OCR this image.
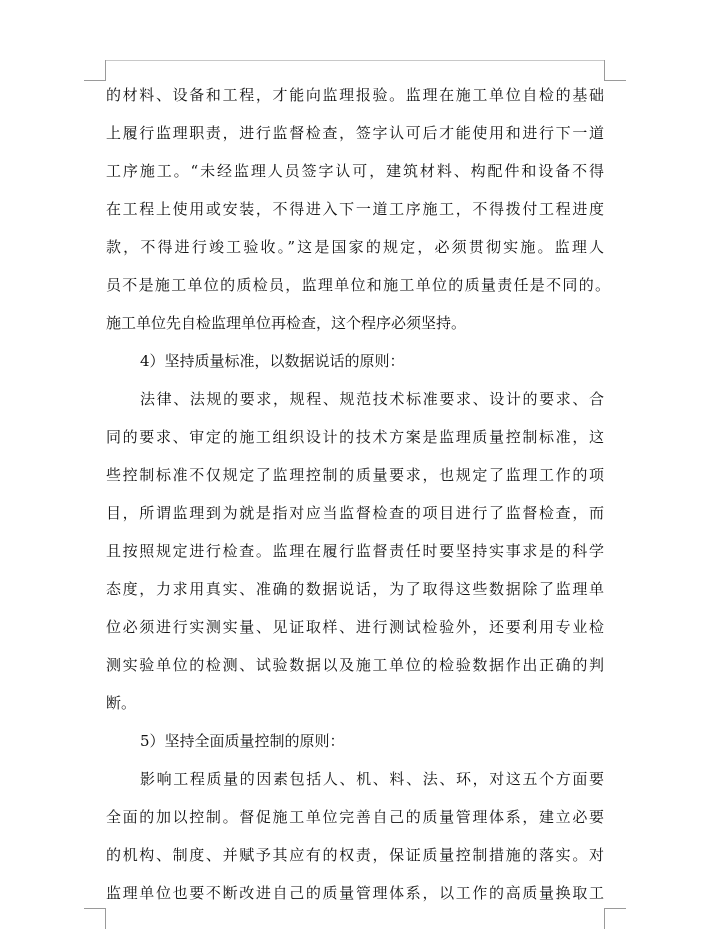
的材料、设备和工程，才能向监理报验。监理在施工单位自检的基础
上履行监理职责，进行监督检查，签字认可后才能使用和进行下一道
工序施工。“未经监理人员签字认可，建筑材料、构配件和设备不得
在工程上使用或安装，不得进入下一道工序施工，不得拨付工程进度
款，不得进行竣工验收。”这是国家的规定，必须贯彻实施。监理人
员不是施工单位的质检员，监理单位和施工单位的质量责任是不同的。
施工单位先自检监理单位再检查，这个程序必须坚持。
4）坚持质量标准，以数据说话的原则：
法律、法规的要求，规程、规范技术标准要求、设计的要求、合
同的要求、审定的施工组织设计的技术方案是监理质量控制标准，这
些控制标准不仅规定了监理控制的质量要求，也规定了监理工作的项
目，所谓监理到为就是指对应当监督检查的项目进行了监督检查，而
且按照规定进行检查。监理在履行监督责任时要坚持实事求是的科学
态度，力求用真实、准确的数据说话，为了取得这些数据除了监理单
位必须进行实测实量、见证取样、进行测试检验外，还要利用专业检
测实验单位的检测、试验数据以及施工单位的检验数据作出正确的判
断。
5）坚持全面质量控制的原则：
影响工程质量的因素包括人、机、料、法、环，对这五个方面要
全面的加以控制。督促施工单位完善自己的质量管理体系，建立必要
的机构、制度、并赋予其应有的权责，保证质量控制措施的落实。对
监理单位也要不断改进自己的质量管理体系，以工作的高质量换取工
